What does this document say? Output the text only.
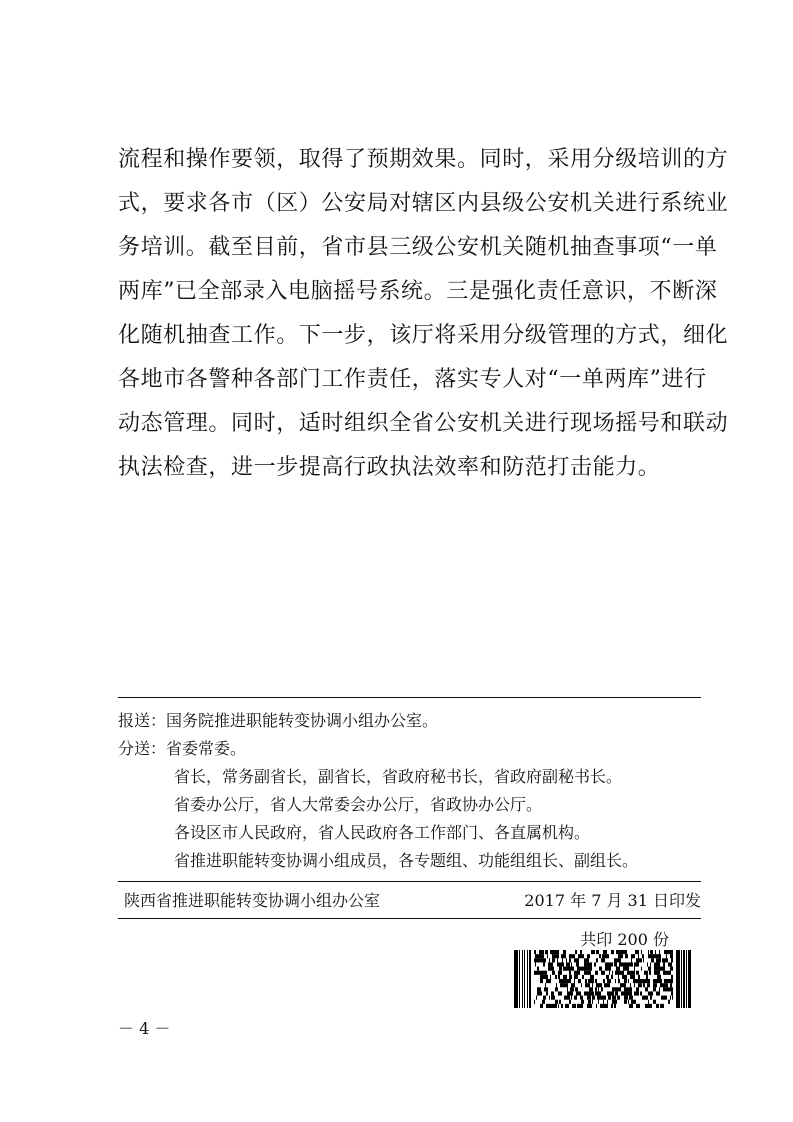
流程和操作要领，取得了预期效果。同时，采用分级培训的方
式，要求各市（区）公安局对辖区内县级公安机关进行系统业
务培训。截至目前，省市县三级公安机关随机抽查事项“一单
两库”已全部录入电脑摇号系统。三是强化责任意识，不断深
化随机抽查工作。下一步，该厅将采用分级管理的方式，细化
各地市各警种各部门工作责任，落实专人对“一单两库”进行
动态管理。同时，适时组织全省公安机关进行现场摇号和联动
执法检查，进一步提高行政执法效率和防范打击能力。
报送：国务院推进职能转变协调小组办公室。
分送：省委常委。
省长，常务副省长，副省长，省政府秘书长，省政府副秘书长。
省委办公厅，省人大常委会办公厅，省政协办公厅。
各设区市人民政府，省人民政府各工作部门、各直属机构。
省推进职能转变协调小组成员，各专题组、功能组组长、副组长。
陕西省推进职能转变协调小组办公室	2017 年 7 月 31 日印发
共印 200 份
－ 4 －
